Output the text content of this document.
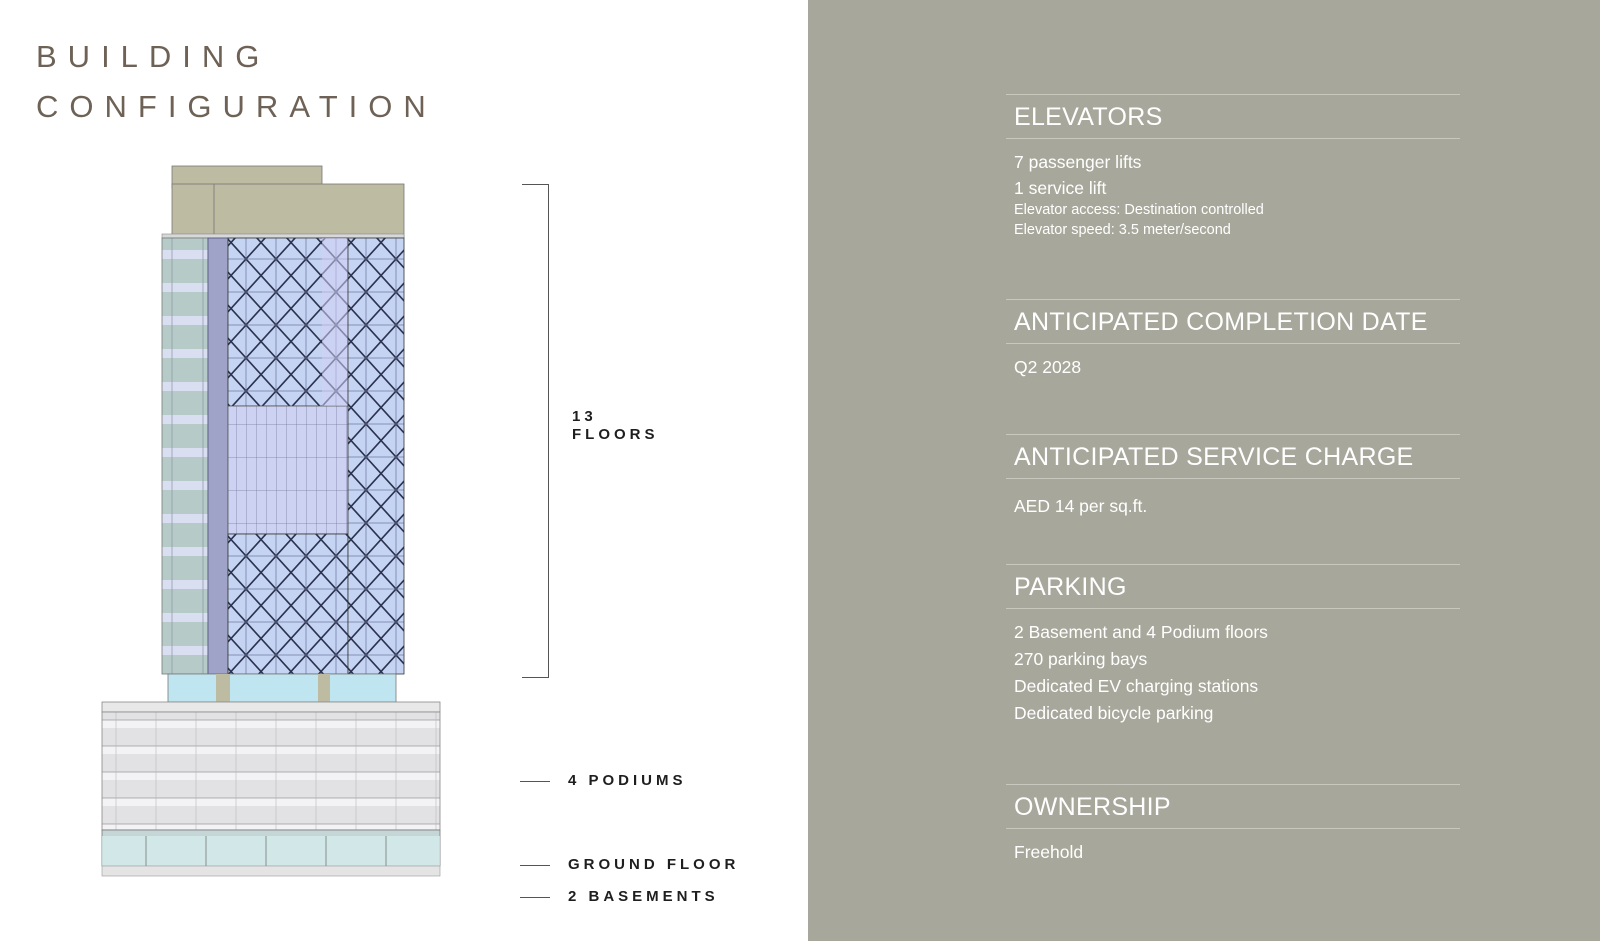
BUILDING
CONFIGURATION
13
FLOORS
4 PODIUMS
GROUND FLOOR
2 BASEMENTS
ELEVATORS
7 passenger lifts
1 service lift
Elevator access: Destination controlled
Elevator speed: 3.5 meter/second
ANTICIPATED COMPLETION DATE
Q2 2028
ANTICIPATED SERVICE CHARGE
AED 14 per sq.ft.
PARKING
2 Basement and 4 Podium floors
270 parking bays
Dedicated EV charging stations
Dedicated bicycle parking
OWNERSHIP
Freehold
